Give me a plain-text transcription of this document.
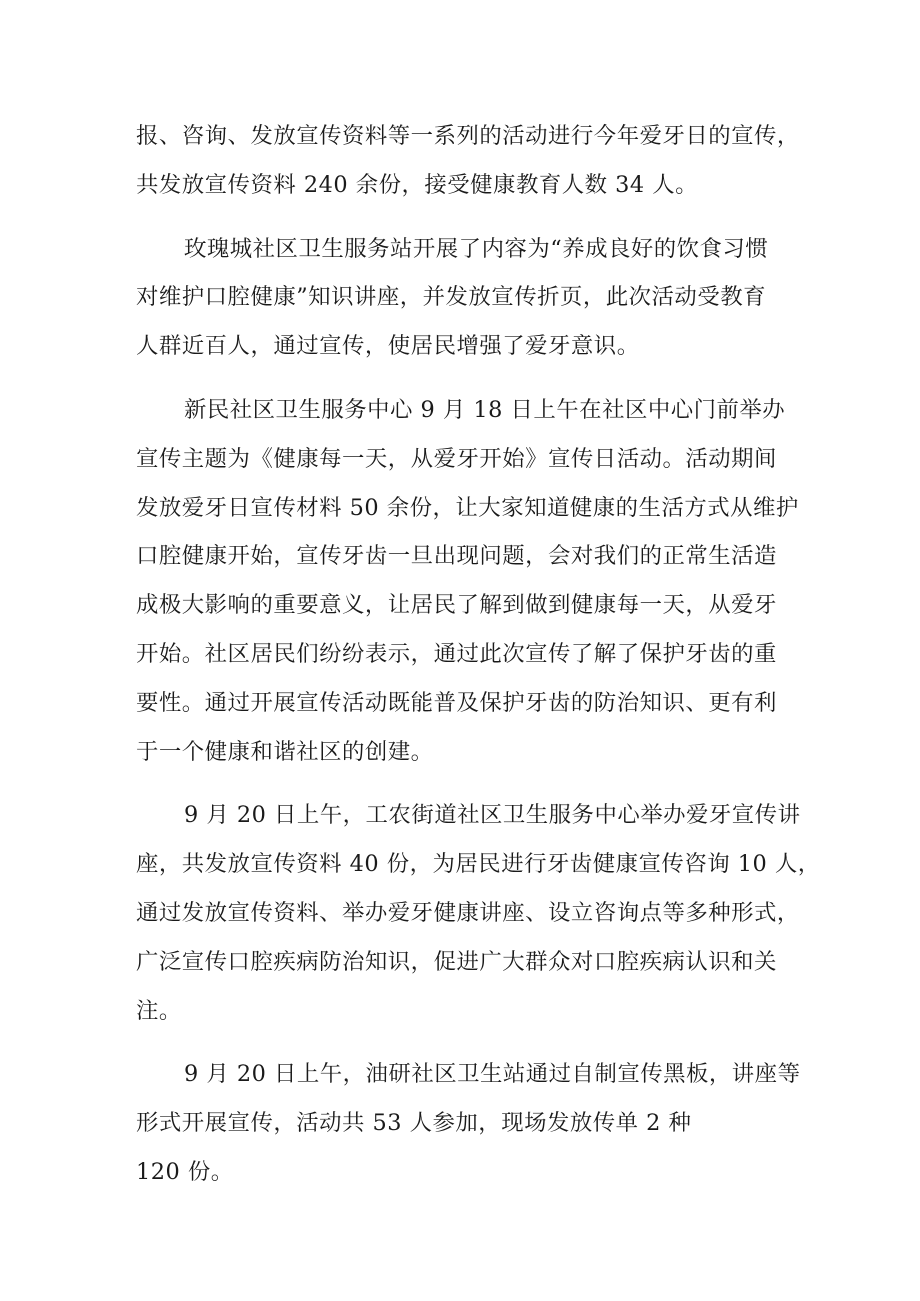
报、咨询、发放宣传资料等一系列的活动进行今年爱牙日的宣传，
共发放宣传资料 240 余份，接受健康教育人数 34 人。

玫瑰城社区卫生服务站开展了内容为“养成良好的饮食习惯
对维护口腔健康”知识讲座，并发放宣传折页，此次活动受教育
人群近百人，通过宣传，使居民增强了爱牙意识。

新民社区卫生服务中心 9 月 18 日上午在社区中心门前举办
宣传主题为《健康每一天，从爱牙开始》宣传日活动。活动期间
发放爱牙日宣传材料 50 余份，让大家知道健康的生活方式从维护
口腔健康开始，宣传牙齿一旦出现问题，会对我们的正常生活造
成极大影响的重要意义，让居民了解到做到健康每一天，从爱牙
开始。社区居民们纷纷表示，通过此次宣传了解了保护牙齿的重
要性。通过开展宣传活动既能普及保护牙齿的防治知识、更有利
于一个健康和谐社区的创建。

9 月 20 日上午，工农街道社区卫生服务中心举办爱牙宣传讲
座，共发放宣传资料 40 份，为居民进行牙齿健康宣传咨询 10 人，
通过发放宣传资料、举办爱牙健康讲座、设立咨询点等多种形式，
广泛宣传口腔疾病防治知识，促进广大群众对口腔疾病认识和关
注。

9 月 20 日上午，油研社区卫生站通过自制宣传黑板，讲座等
形式开展宣传，活动共 53 人参加，现场发放传单 2 种
120 份。
